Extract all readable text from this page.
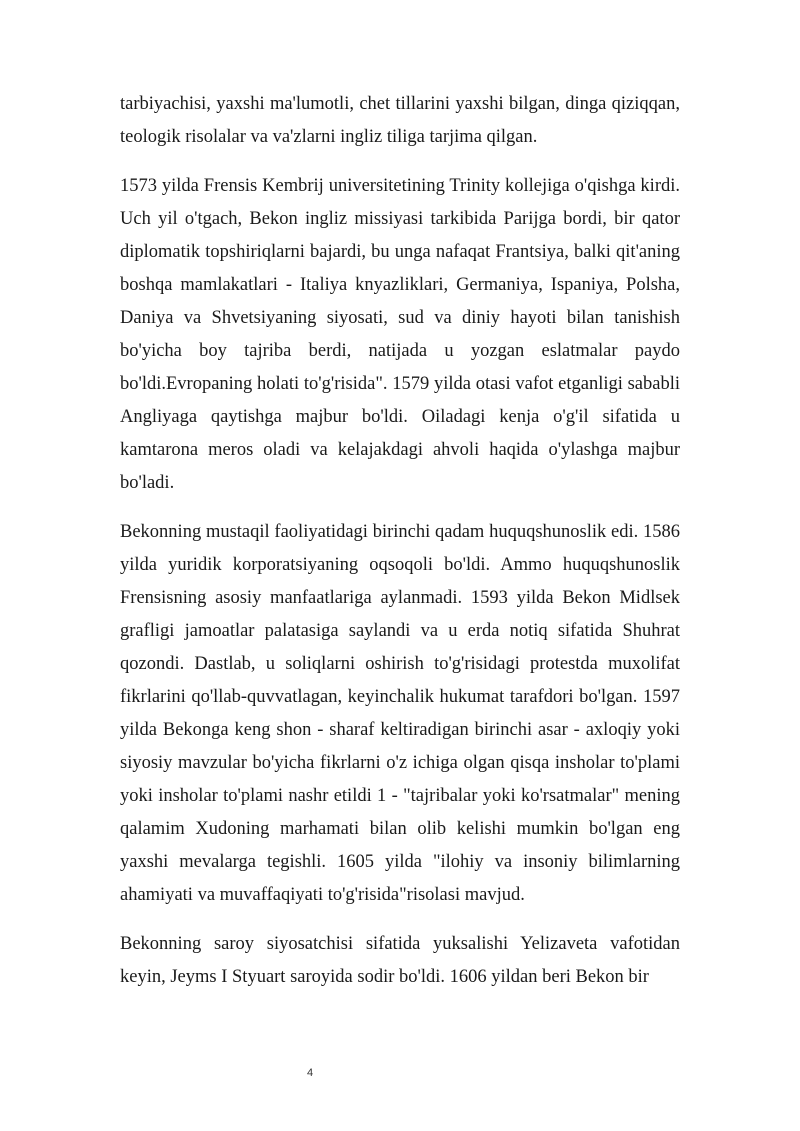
tarbiyachisi, yaxshi ma'lumotli, chet tillarini yaxshi bilgan, dinga qiziqqan, teologik risolalar va va'zlarni ingliz tiliga tarjima qilgan.

1573 yilda Frensis Kembrij universitetining Trinity kollejiga o'qishga kirdi. Uch yil o'tgach, Bekon ingliz missiyasi tarkibida Parijga bordi, bir qator diplomatik topshiriqlarni bajardi, bu unga nafaqat Frantsiya, balki qit'aning boshqa mamlakatlari - Italiya knyazliklari, Germaniya, Ispaniya, Polsha, Daniya va Shvetsiyaning siyosati, sud va diniy hayoti bilan tanishish bo'yicha boy tajriba berdi, natijada u yozgan eslatmalar paydo bo'ldi.Evropaning holati to'g'risida". 1579 yilda otasi vafot etganligi sababli Angliyaga qaytishga majbur bo'ldi. Oiladagi kenja o'g'il sifatida u kamtarona meros oladi va kelajakdagi ahvoli haqida o'ylashga majbur bo'ladi.

Bekonning mustaqil faoliyatidagi birinchi qadam huquqshunoslik edi. 1586 yilda yuridik korporatsiyaning oqsoqoli bo'ldi. Ammo huquqshunoslik Frensisning asosiy manfaatlariga aylanmadi. 1593 yilda Bekon Midlsek grafligi jamoatlar palatasiga saylandi va u erda notiq sifatida Shuhrat qozondi. Dastlab, u soliqlarni oshirish to'g'risidagi protestda muxolifat fikrlarini qo'llab-quvvatlagan, keyinchalik hukumat tarafdori bo'lgan. 1597 yilda Bekonga keng shon - sharaf keltiradigan birinchi asar - axloqiy yoki siyosiy mavzular bo'yicha fikrlarni o'z ichiga olgan qisqa insholar to'plami yoki insholar to'plami nashr etildi 1 - "tajribalar yoki ko'rsatmalar" mening qalamim Xudoning marhamati bilan olib kelishi mumkin bo'lgan eng yaxshi mevalarga tegishli. 1605 yilda "ilohiy va insoniy bilimlarning ahamiyati va muvaffaqiyati to'g'risida"risolasi mavjud.

Bekonning saroy siyosatchisi sifatida yuksalishi Yelizaveta vafotidan keyin, Jeyms I Styuart saroyida sodir bo'ldi. 1606 yildan beri Bekon bir

4
